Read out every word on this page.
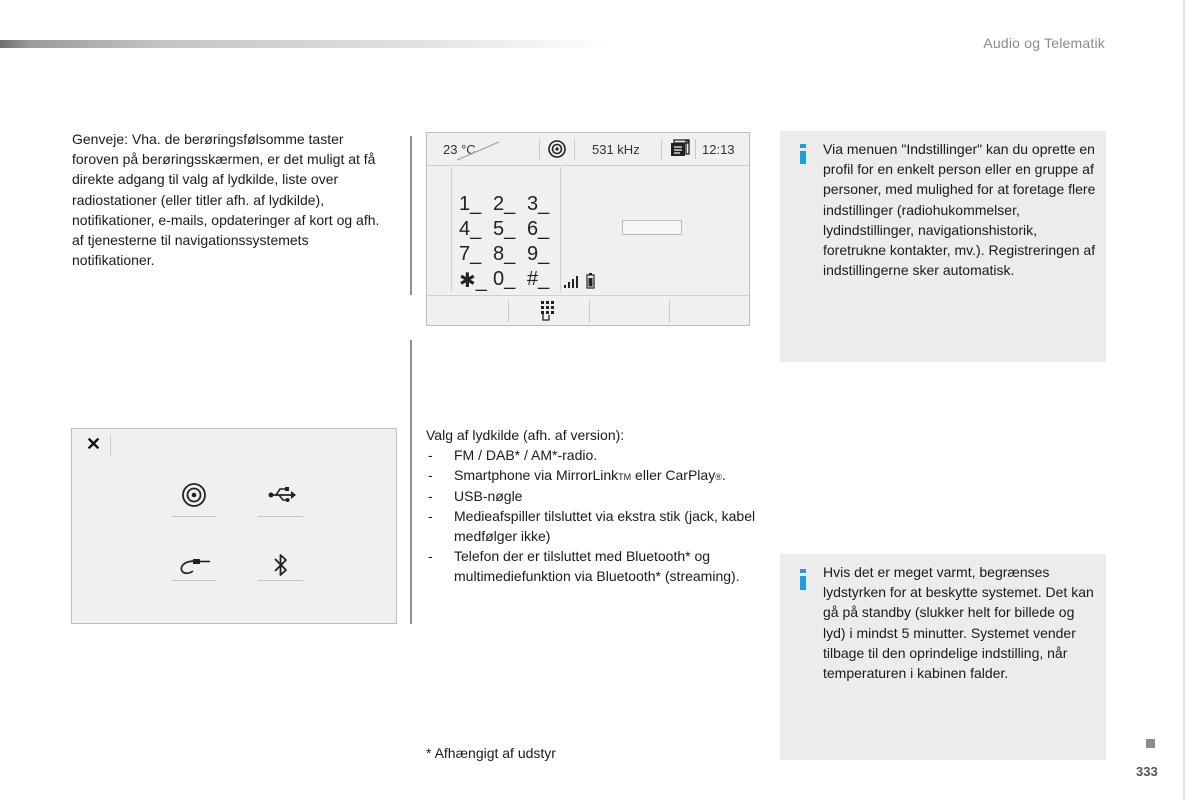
Audio og Telematik

Genveje: Vha. de berøringsfølsomme taster foroven på berøringsskærmen, er det muligt at få direkte adgang til valg af lydkilde, liste over radiostationer (eller titler afh. af lydkilde), notifikationer, e-mails, opdateringer af kort og afh. af tjenesterne til navigationssystemets notifikationer.

23 °C	531 kHz	12:13
1_ 2_ 3_
4_ 5_ 6_
7_ 8_ 9_
✱_ 0_ #_

Via menuen "Indstillinger" kan du oprette en profil for en enkelt person eller en gruppe af personer, med mulighed for at foretage flere indstillinger (radiohukommelser, lydindstillinger, navigationshistorik, foretrukne kontakter, mv.). Registreringen af indstillingerne sker automatisk.

✕	Valg af lydkilde (afh. af version):
- FM / DAB* / AM*-radio.
- Smartphone via MirrorLink™ eller CarPlay®.
- USB-nøgle
- Medieafspiller tilsluttet via ekstra stik (jack, kabel medfølger ikke)
- Telefon der er tilsluttet med Bluetooth* og multimediefunktion via Bluetooth* (streaming).	Hvis det er meget varmt, begrænses lydstyrken for at beskytte systemet. Det kan gå på standby (slukker helt for billede og lyd) i mindst 5 minutter. Systemet vender tilbage til den oprindelige indstilling, når temperaturen i kabinen falder.

* Afhængigt af udstyr
333
